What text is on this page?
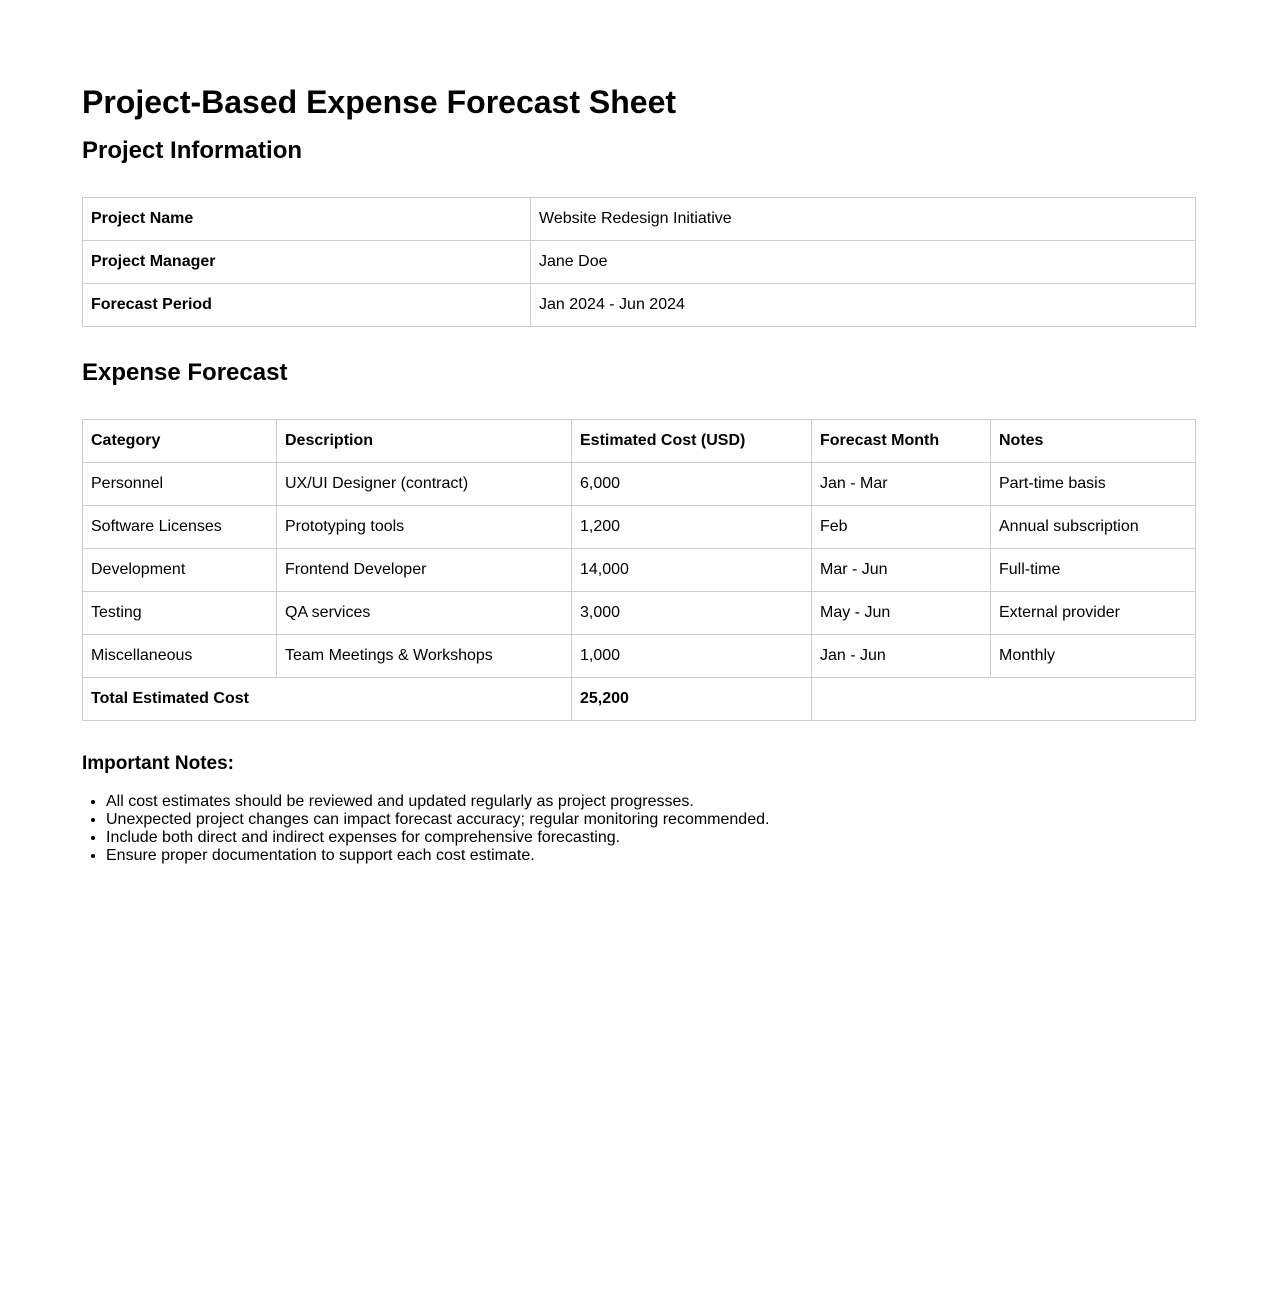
Project-Based Expense Forecast Sheet
Project Information
Project Name	Website Redesign Initiative
Project Manager	Jane Doe
Forecast Period	Jan 2024 - Jun 2024
Expense Forecast
Category	Description	Estimated Cost (USD)	Forecast Month	Notes
Personnel	UX/UI Designer (contract)	6,000	Jan - Mar	Part-time basis
Software Licenses	Prototyping tools	1,200	Feb	Annual subscription
Development	Frontend Developer	14,000	Mar - Jun	Full-time
Testing	QA services	3,000	May - Jun	External provider
Miscellaneous	Team Meetings & Workshops	1,000	Jan - Jun	Monthly
Total Estimated Cost		25,200		
Important Notes:
• All cost estimates should be reviewed and updated regularly as project progresses.
• Unexpected project changes can impact forecast accuracy; regular monitoring recommended.
• Include both direct and indirect expenses for comprehensive forecasting.
• Ensure proper documentation to support each cost estimate.
